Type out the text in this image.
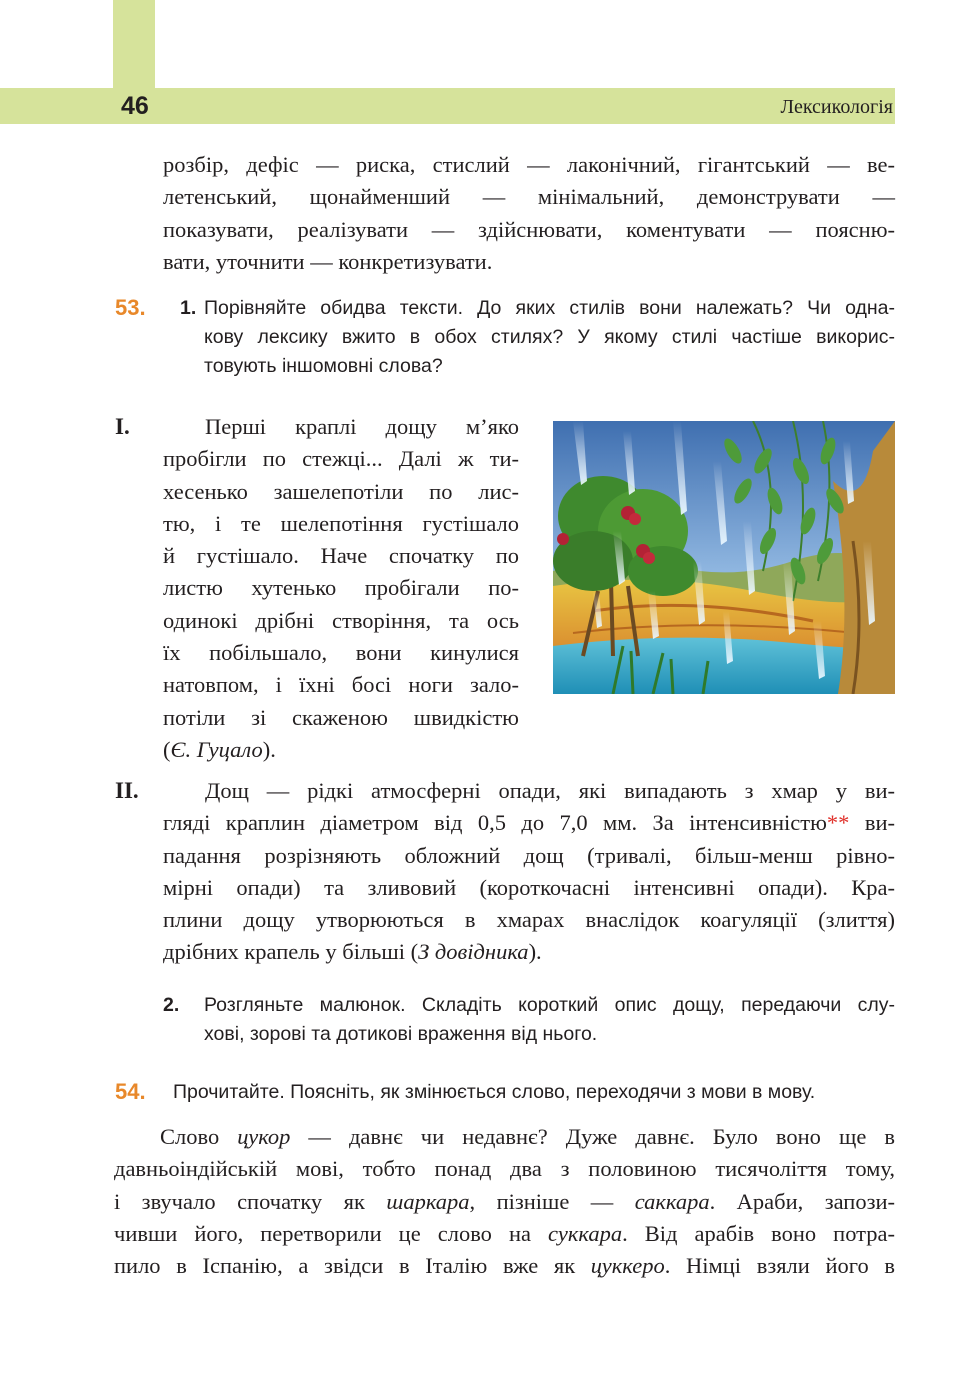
46	Лексикологія
розбір, дефіс — риска, стислий — лаконічний, гігантський — ве-
летенський, щонайменший — мінімальний, демонструвати —
показувати, реалізувати — здійснювати, коментувати — поясню-
вати, уточнити — конкретизувати.
53. 1. Порівняйте обидва тексти. До яких стилів вони належать? Чи одна-
кову лексику вжито в обох стилях? У якому стилі частіше викорис-
товують іншомовні слова?
I.	Перші краплі дощу м’яко
пробігли по стежці... Далі ж ти-
хесенько зашелепотіли по лис-
тю, і те шелепотіння густішало
й густішало. Наче спочатку по
листю хутенько пробігали по-
одинокі дрібні створіння, та ось
їх побільшало, вони кинулися
натовпом, і їхні босі ноги зало-
потіли зі скаженою швидкістю
(Є. Гуцало).
II.	Дощ — рідкі атмосферні опади, які випадають з хмар у ви-
гляді краплин діаметром від 0,5 до 7,0 мм. За інтенсивністю** ви-
падання розрізняють обложний дощ (тривалі, більш-менш рівно-
мірні опади) та зливовий (короткочасні інтенсивні опади). Кра-
плини дощу утворюються в хмарах внаслідок коагуляції (злиття)
дрібних крапель у більші (З довідника).
2. Розгляньте малюнок. Складіть короткий опис дощу, передаючи слу-
хові, зорові та дотикові враження від нього.
54. Прочитайте. Поясніть, як змінюється слово, переходячи з мови в мову.
Слово цукор — давнє чи недавнє? Дуже давнє. Було воно ще в
давньоіндійській мові, тобто понад два з половиною тисячоліття тому,
і звучало спочатку як шаркара, пізніше — саккара. Араби, запози-
чивши його, перетворили це слово на суккара. Від арабів воно потра-
пило в Іспанію, а звідси в Італію вже як цуккеро. Німці взяли його в
